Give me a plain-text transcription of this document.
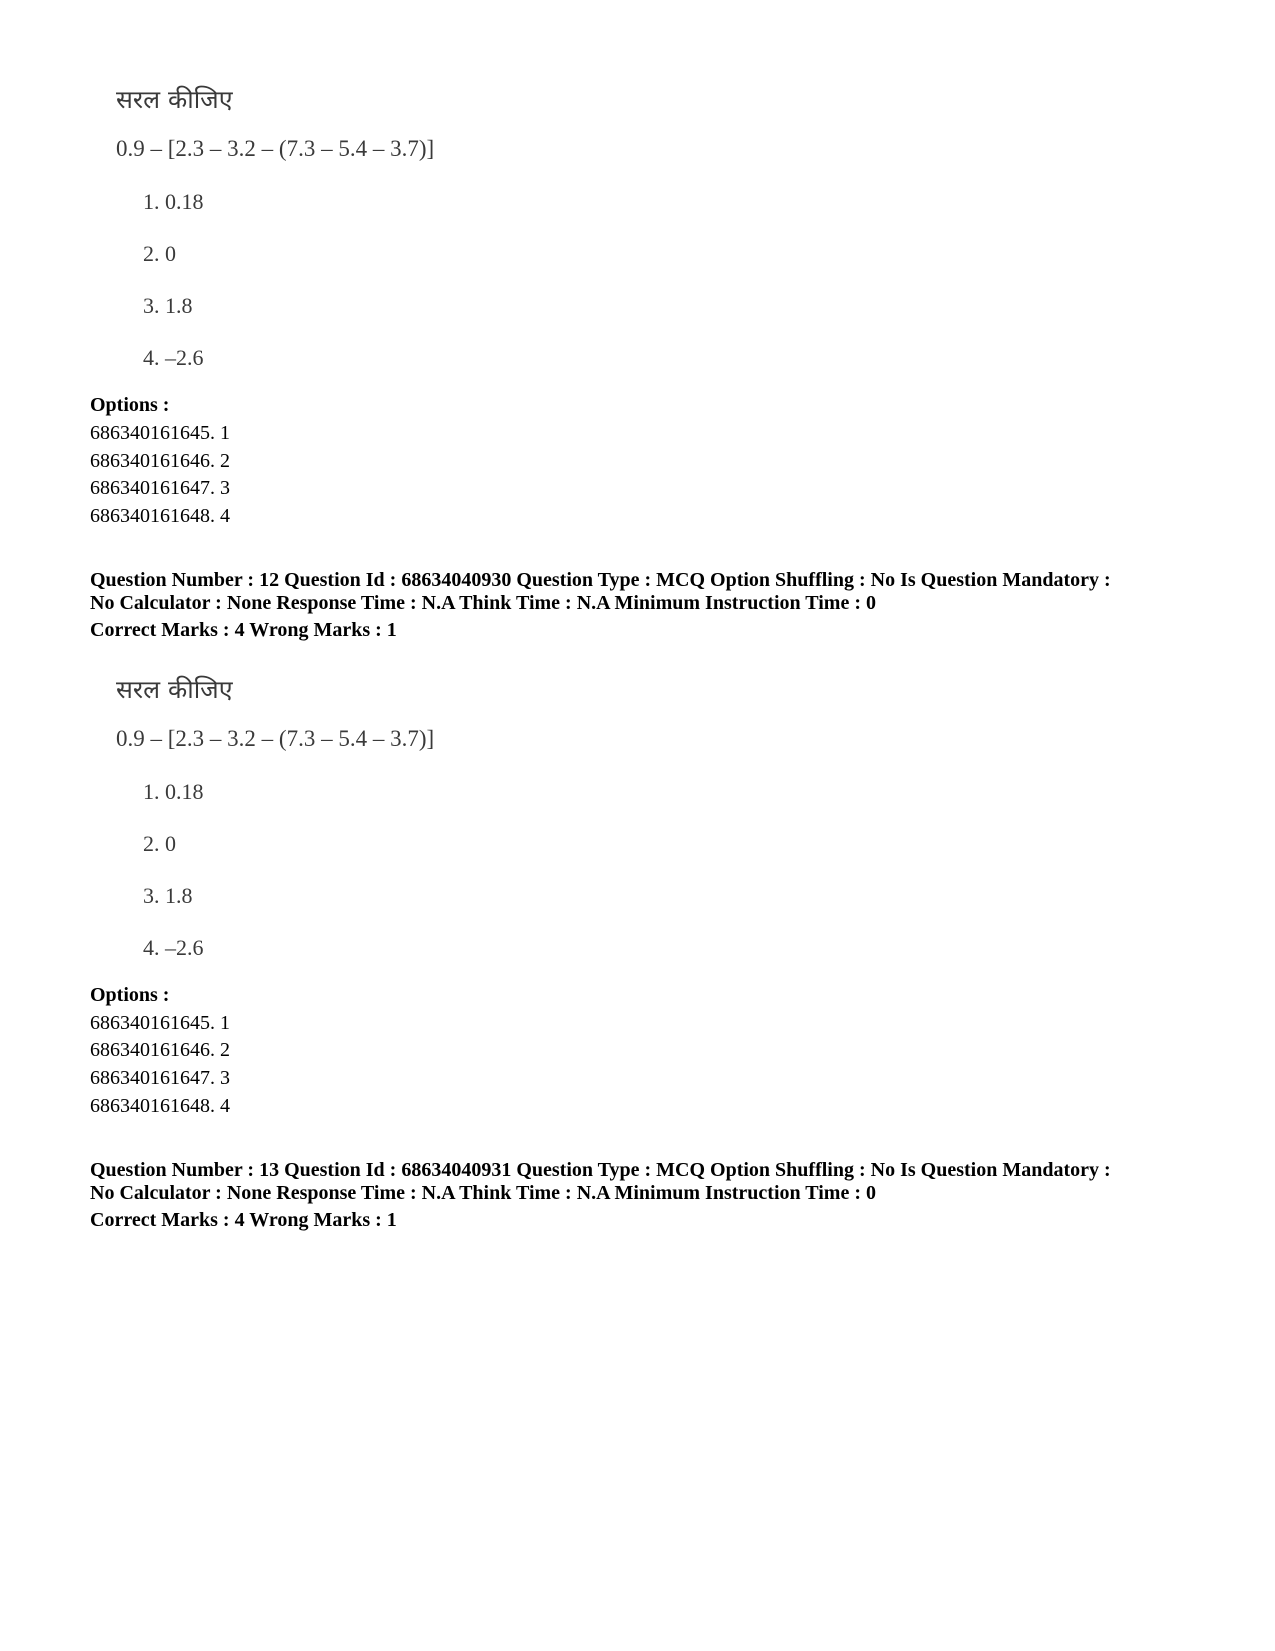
सरल कीजिए
0.9 – [2.3 – 3.2 – (7.3 – 5.4 – 3.7)]
1. 0.18
2. 0
3. 1.8
4. –2.6
Options :
686340161645. 1
686340161646. 2
686340161647. 3
686340161648. 4
Question Number : 12 Question Id : 68634040930 Question Type : MCQ Option Shuffling : No Is Question Mandatory :
No Calculator : None Response Time : N.A Think Time : N.A Minimum Instruction Time : 0
Correct Marks : 4 Wrong Marks : 1
सरल कीजिए
0.9 – [2.3 – 3.2 – (7.3 – 5.4 – 3.7)]
1. 0.18
2. 0
3. 1.8
4. –2.6
Options :
686340161645. 1
686340161646. 2
686340161647. 3
686340161648. 4
Question Number : 13 Question Id : 68634040931 Question Type : MCQ Option Shuffling : No Is Question Mandatory :
No Calculator : None Response Time : N.A Think Time : N.A Minimum Instruction Time : 0
Correct Marks : 4 Wrong Marks : 1
